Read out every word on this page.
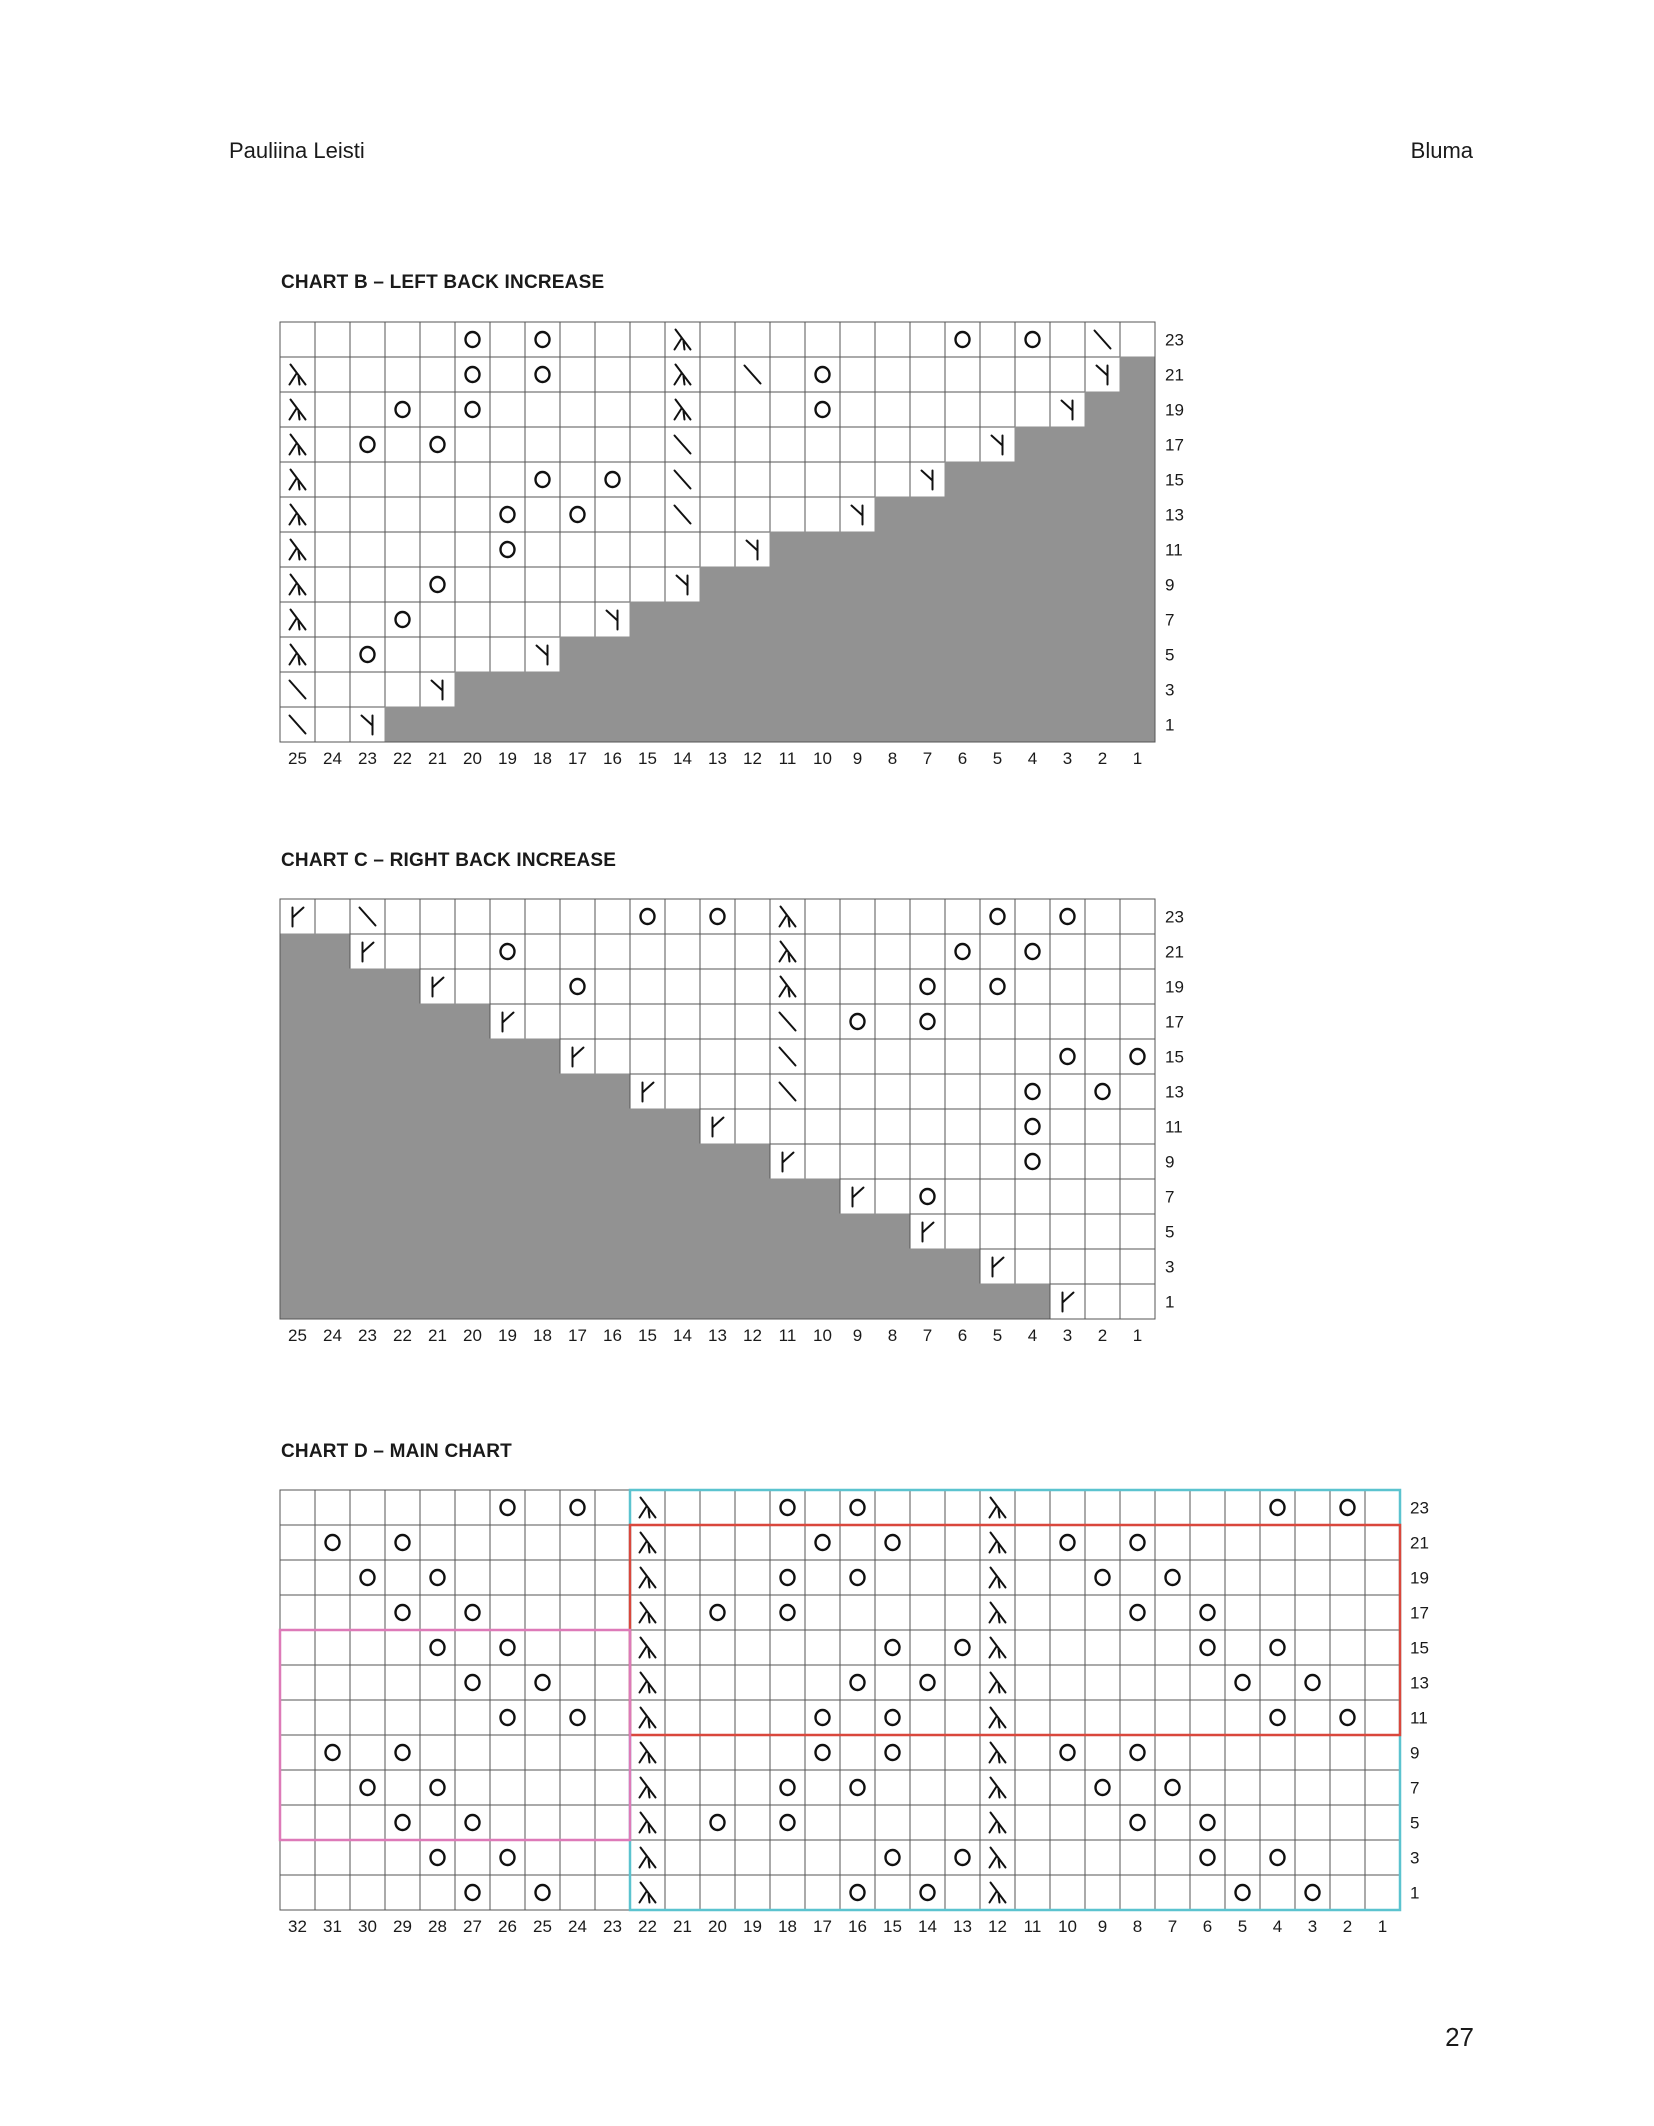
Pauliina Leisti	Bluma
CHART B – LEFT BACK INCREASE
CHART C – RIGHT BACK INCREASE
CHART D – MAIN CHART
23
21
19
17
15
13
11
9
7
5
3
1
25 24 23 22 21 20 19 18 17 16 15 14 13 12 11 10 9 8 7 6 5 4 3 2 1
23
21
19
17
15
13
11
9
7
5
3
1
25 24 23 22 21 20 19 18 17 16 15 14 13 12 11 10 9 8 7 6 5 4 3 2 1
23
21
19
17
15
13
11
9
7
5
3
1
32 31 30 29 28 27 26 25 24 23 22 21 20 19 18 17 16 15 14 13 12 11 10 9 8 7 6 5 4 3 2 1
27
